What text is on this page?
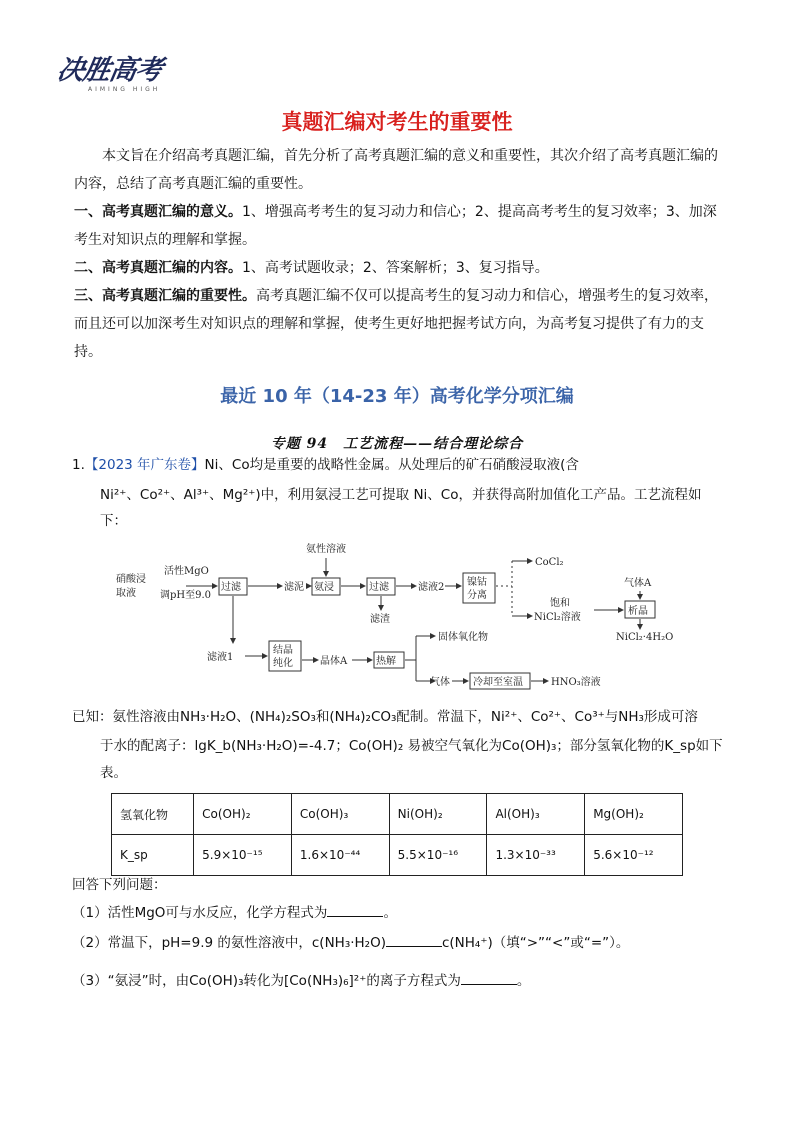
决胜高考
AIMING HIGH
真题汇编对考生的重要性

本文旨在介绍高考真题汇编，首先分析了高考真题汇编的意义和重要性，其次介绍了高考真题汇编的内容，总结了高考真题汇编的重要性。

一、高考真题汇编的意义。1、增强高考考生的复习动力和信心；2、提高高考考生的复习效率；3、加深考生对知识点的理解和掌握。

二、高考真题汇编的内容。1、高考试题收录；2、答案解析；3、复习指导。

三、高考真题汇编的重要性。高考真题汇编不仅可以提高考生的复习动力和信心，增强考生的复习效率，而且还可以加深考生对知识点的理解和掌握，使考生更好地把握考试方向，为高考复习提供了有力的支持。

最近 10 年（14-23 年）高考化学分项汇编
专题 94　工艺流程——结合理论综合
1.【2023 年广东卷】Ni、Co均是重要的战略性金属。从处理后的矿石硝酸浸取液(含
Ni²⁺、Co²⁺、Al³⁺、Mg²⁺)中，利用氨浸工艺可提取 Ni、Co，并获得高附加值化工产品。工艺流程如
下：
硝酸浸
取液
活性MgO
调pH至9.0
过滤	滤泥
氨性溶液
氨浸	过滤	滤液2
滤渣
镍钴
分离
CoCl₂
饱和
NiCl₂溶液
气体A
析晶
NiCl₂·4H₂O
滤液1
结晶
纯化	晶体A	热解
固体氧化物
气体 冷却至室温	HNO₃溶液
已知：氨性溶液由NH₃·H₂O、(NH₄)₂SO₃和(NH₄)₂CO₃配制。常温下，Ni²⁺、Co²⁺、Co³⁺与NH₃形成可溶
于水的配离子：lgK_b(NH₃·H₂O)=-4.7；Co(OH)₂ 易被空气氧化为Co(OH)₃；部分氢氧化物的K_sp如下
表。
氢氧化物	Co(OH)₂	Co(OH)₃	Ni(OH)₂	Al(OH)₃	Mg(OH)₂
K_sp	5.9×10⁻¹⁵	1.6×10⁻⁴⁴	5.5×10⁻¹⁶	1.3×10⁻³³	5.6×10⁻¹²
回答下列问题：
（1）活性MgO可与水反应，化学方程式为	。
（2）常温下，pH=9.9 的氨性溶液中，c(NH₃·H₂O)	c(NH₄⁺)（填“>”“<”或“=”）。
（3）“氨浸”时，由Co(OH)₃转化为[Co(NH₃)₆]²⁺的离子方程式为	。
